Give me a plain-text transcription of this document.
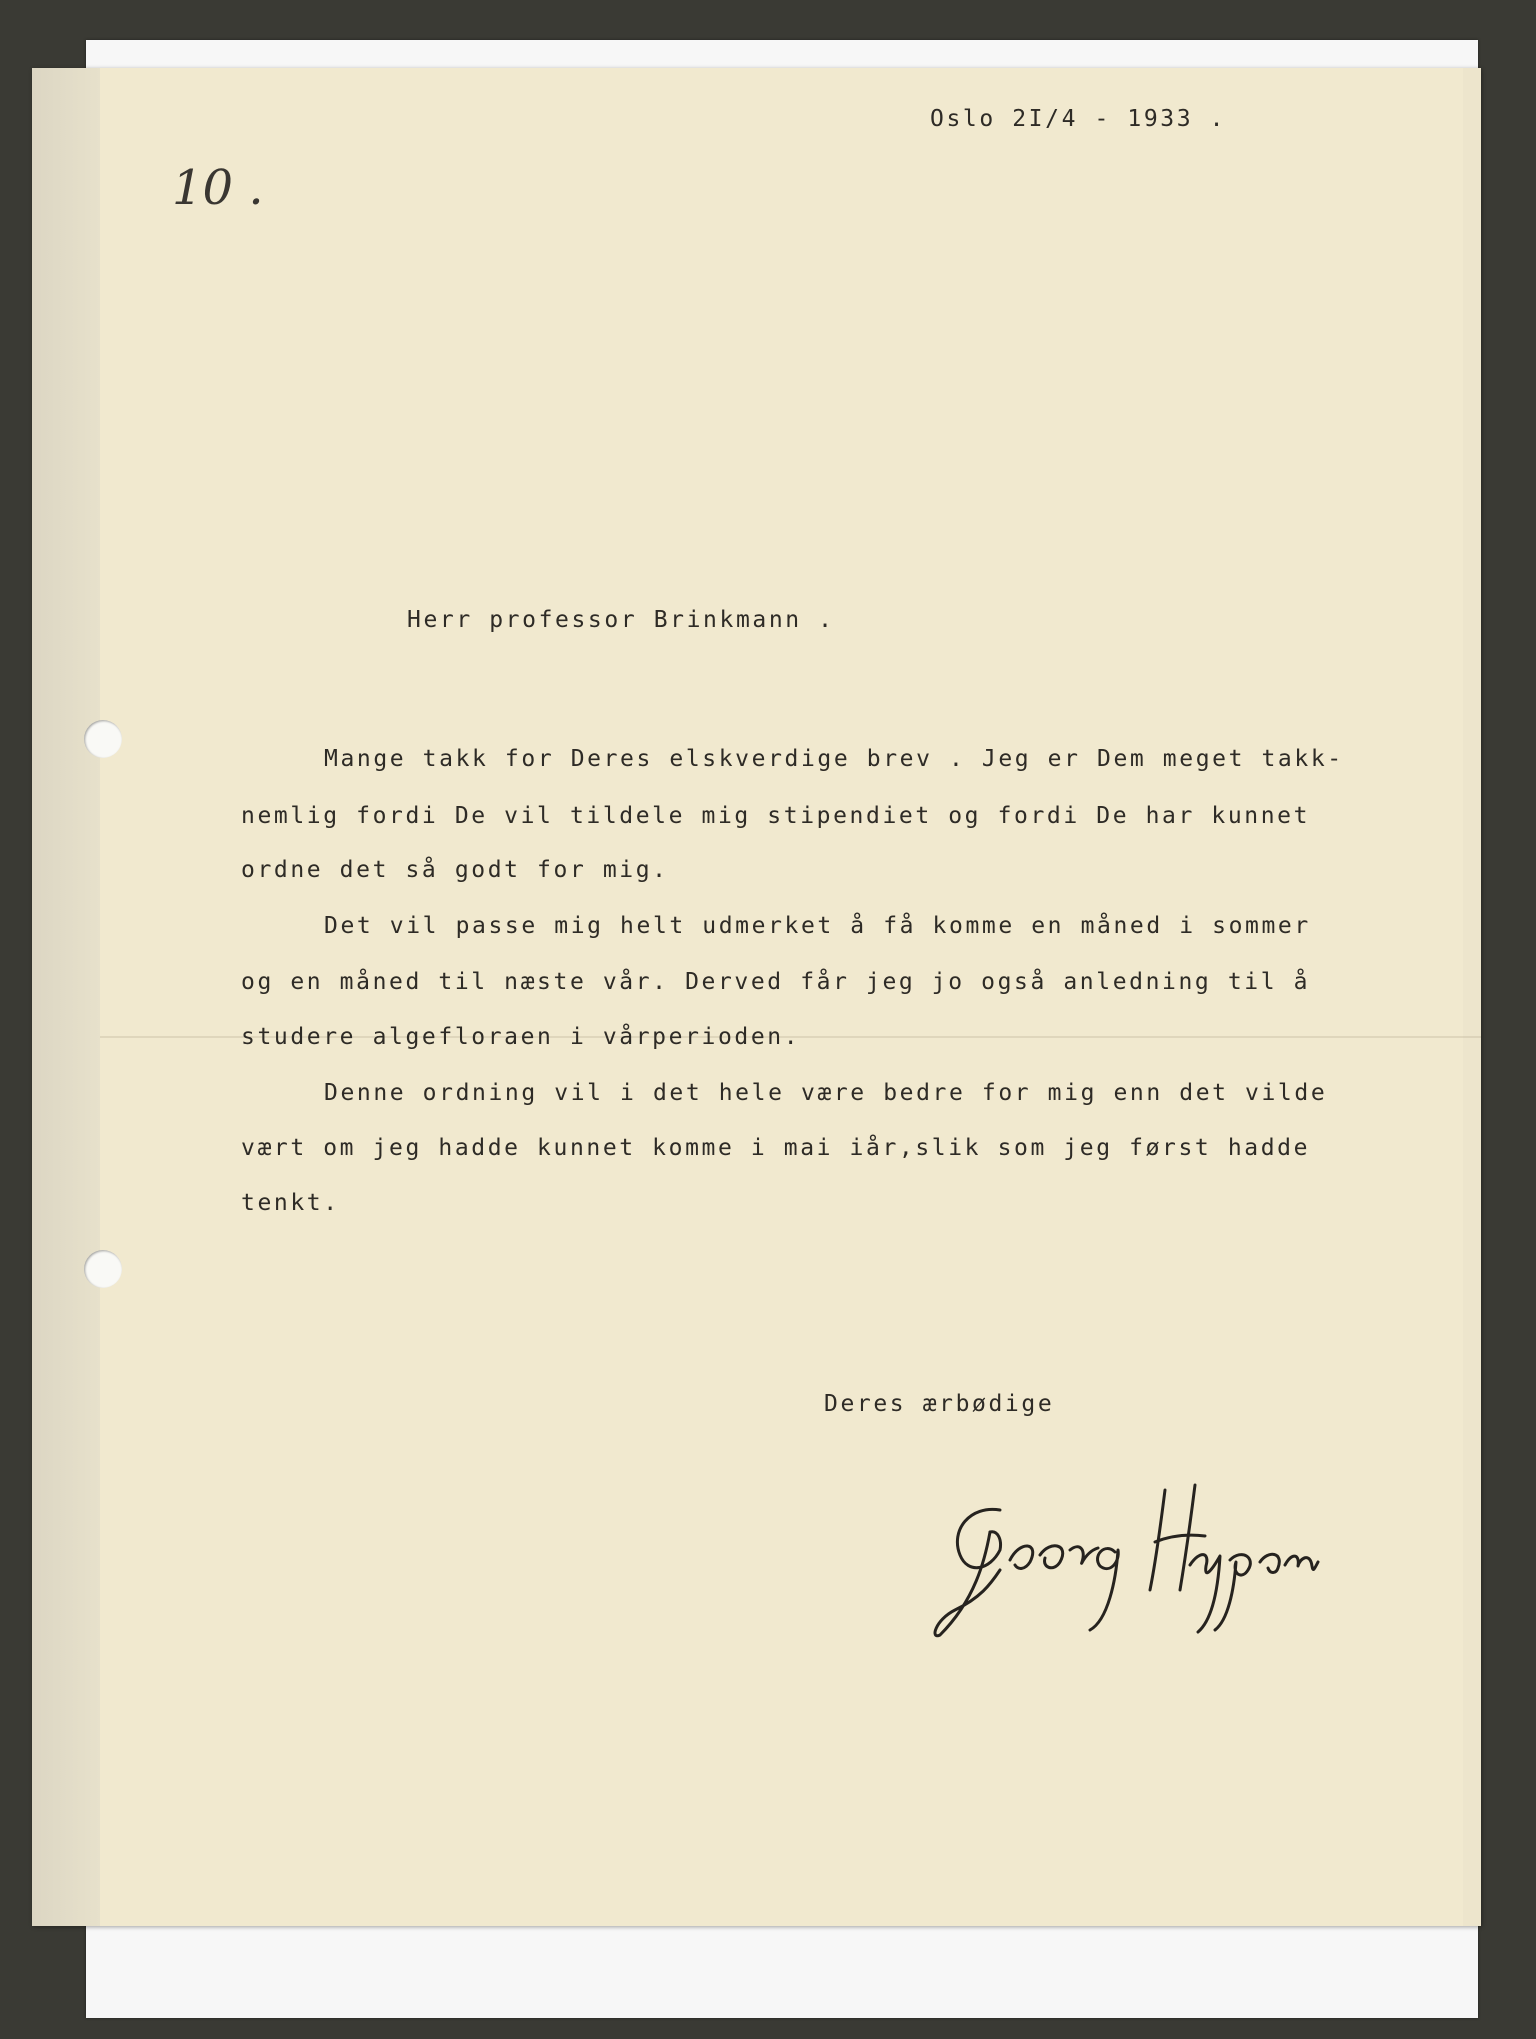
Oslo 2I/4 - 1933 .
10 .
Herr professor Brinkmann .
Mange takk for Deres elskverdige brev . Jeg er Dem meget takk-
nemlig fordi De vil tildele mig stipendiet og fordi De har kunnet
ordne det så godt for mig.
Det vil passe mig helt udmerket å få komme en måned i sommer
og en måned til næste vår. Derved får jeg jo også anledning til å
studere algefloraen i vårperioden.
Denne ordning vil i det hele være bedre for mig enn det vilde
vært om jeg hadde kunnet komme i mai iår,slik som jeg først hadde
tenkt.
Deres ærbødige
